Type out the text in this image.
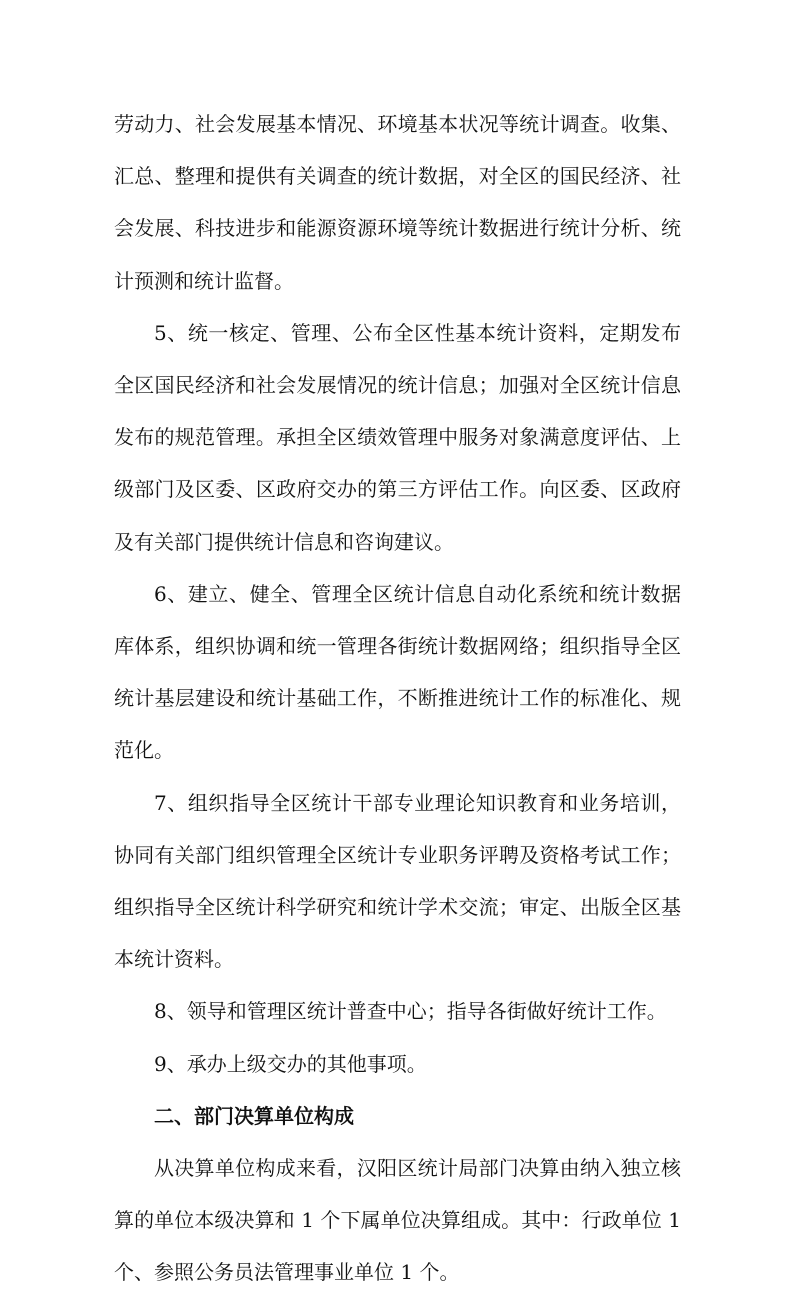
劳动力、社会发展基本情况、环境基本状况等统计调查。收集、汇总、整理和提供有关调查的统计数据，对全区的国民经济、社会发展、科技进步和能源资源环境等统计数据进行统计分析、统计预测和统计监督。

5、统一核定、管理、公布全区性基本统计资料，定期发布全区国民经济和社会发展情况的统计信息；加强对全区统计信息发布的规范管理。承担全区绩效管理中服务对象满意度评估、上级部门及区委、区政府交办的第三方评估工作。向区委、区政府及有关部门提供统计信息和咨询建议。

6、建立、健全、管理全区统计信息自动化系统和统计数据库体系，组织协调和统一管理各街统计数据网络；组织指导全区统计基层建设和统计基础工作，不断推进统计工作的标准化、规范化。

7、组织指导全区统计干部专业理论知识教育和业务培训，协同有关部门组织管理全区统计专业职务评聘及资格考试工作；组织指导全区统计科学研究和统计学术交流；审定、出版全区基本统计资料。

8、领导和管理区统计普查中心；指导各街做好统计工作。

9、承办上级交办的其他事项。

二、部门决算单位构成

从决算单位构成来看，汉阳区统计局部门决算由纳入独立核算的单位本级决算和 1 个下属单位决算组成。其中：行政单位 1 个、参照公务员法管理事业单位 1 个。
